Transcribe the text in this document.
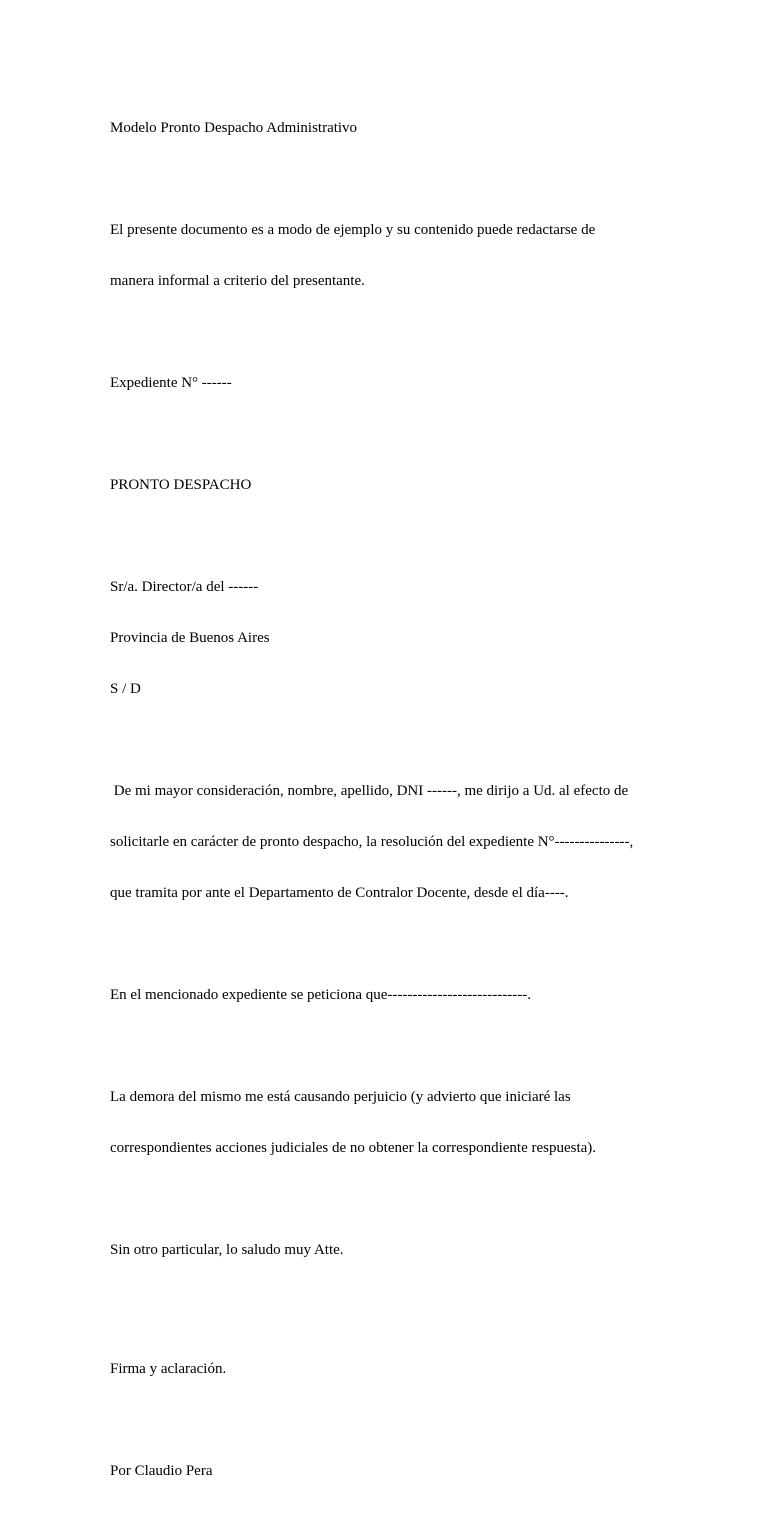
Modelo Pronto Despacho Administrativo

El presente documento es a modo de ejemplo y su contenido puede redactarse de

manera informal a criterio del presentante.

Expediente N° ------

PRONTO DESPACHO

Sr/a. Director/a del ------

Provincia de Buenos Aires

S / D

De mi mayor consideración, nombre, apellido, DNI ------, me dirijo a Ud. al efecto de

solicitarle en carácter de pronto despacho, la resolución del expediente N°---------------,

que tramita por ante el Departamento de Contralor Docente, desde el día----.

En el mencionado expediente se peticiona que----------------------------.

La demora del mismo me está causando perjuicio (y advierto que iniciaré las

correspondientes acciones judiciales de no obtener la correspondiente respuesta).

Sin otro particular, lo saludo muy Atte.

Firma y aclaración.

Por Claudio Pera
